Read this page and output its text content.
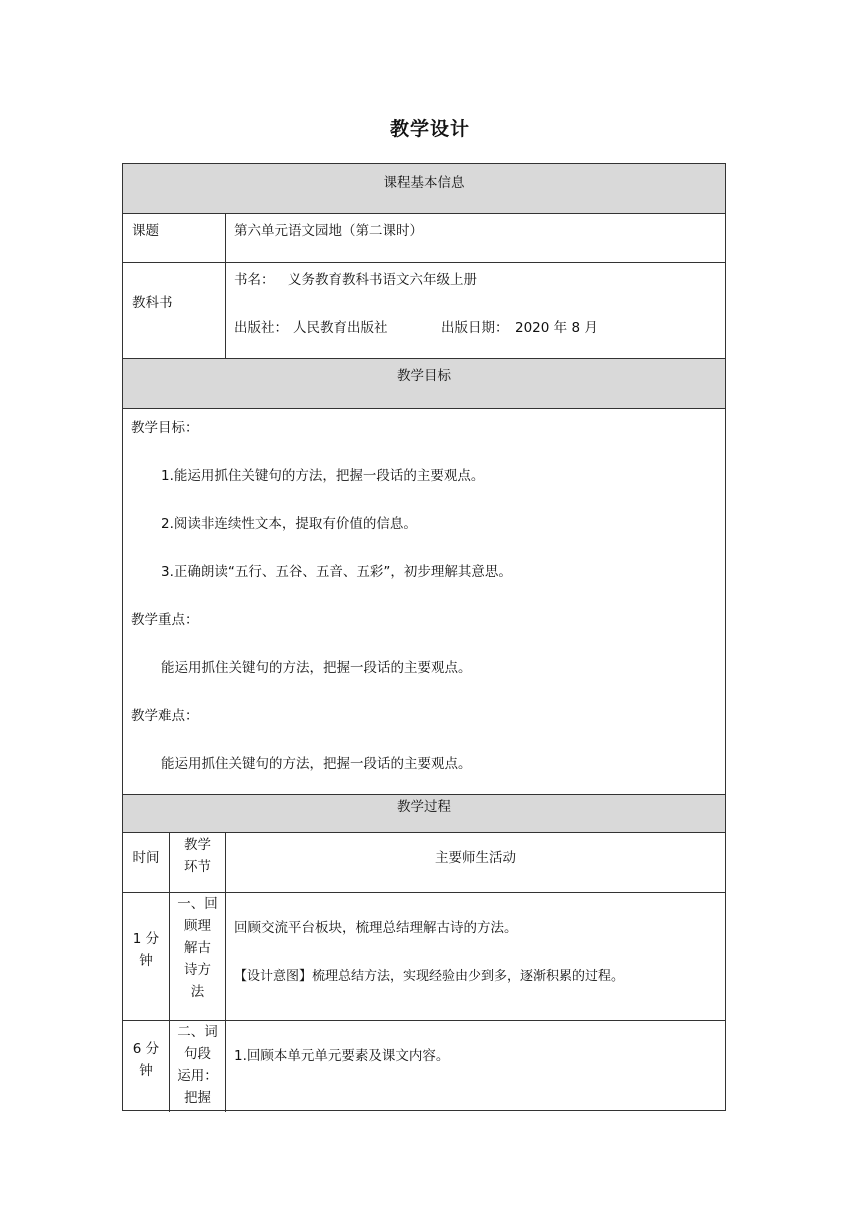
教学设计
课程基本信息
课题	第六单元语文园地（第二课时）
教科书
书名： 义务教育教科书语文六年级上册
出版社： 人民教育出版社	出版日期： 2020 年 8 月
教学目标
教学目标：
1.能运用抓住关键句的方法，把握一段话的主要观点。
2.阅读非连续性文本，提取有价值的信息。
3.正确朗读“五行、五谷、五音、五彩”，初步理解其意思。
教学重点：
能运用抓住关键句的方法，把握一段话的主要观点。
教学难点：
能运用抓住关键句的方法，把握一段话的主要观点。
教学过程
时间
教学
环节
主要师生活动
1 分
钟
一、回
顾理
解古
诗方
法
回顾交流平台板块，梳理总结理解古诗的方法。
【设计意图】梳理总结方法，实现经验由少到多，逐渐积累的过程。
6 分
钟
二、词
句段
运用：
把握
1.回顾本单元单元要素及课文内容。
